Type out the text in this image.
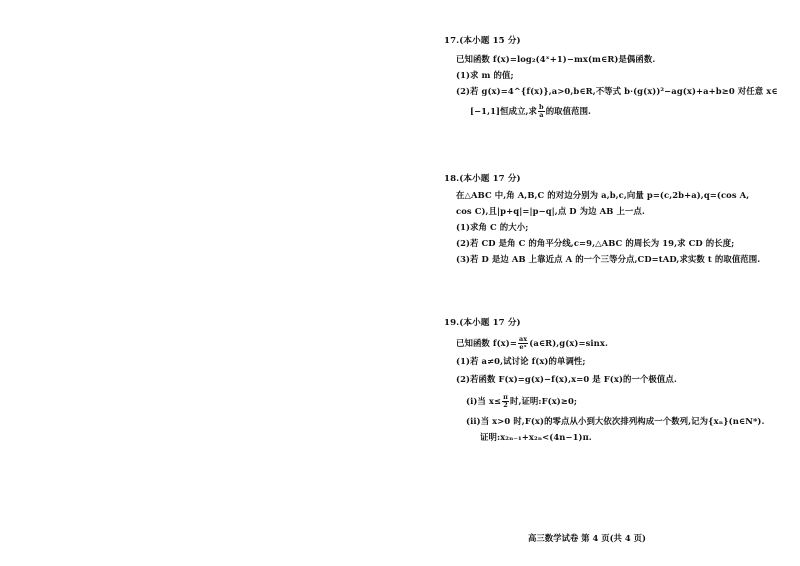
17.(本小题 15 分)
已知函数 f(x)=log₂(4ˣ+1)−mx(m∈R)是偶函数.
(1)求 m 的值;
(2)若 g(x)=4^{f(x)},a>0,b∈R,不等式 b·(g(x))²−ag(x)+a+b≥0 对任意 x∈
[−1,1]恒成立,求 $\frac{b}{a}$ 的取值范围.
18.(本小题 17 分)
在△ABC 中,角 A,B,C 的对边分别为 a,b,c,向量 p=(c,2b+a),q=(cos A,
cos C),且|p+q|=|p−q|,点 D 为边 AB 上一点.
(1)求角 C 的大小;
(2)若 CD 是角 C 的角平分线,c=9,△ABC 的周长为 19,求 CD 的长度;
(3)若 D 是边 AB 上靠近点 A 的一个三等分点,CD=tAD,求实数 t 的取值范围.
19.(本小题 17 分)
已知函数 $f(x)= \frac{ax}{\text{eˣ}}$ (a∈R),g(x)=sinx.
(1)若 a≠0,试讨论 f(x)的单调性;
(2)若函数 F(x)=g(x)−f(x),x=0 是 F(x)的一个极值点.
(i)当 $x\le \frac{\pi}{2}$ 时,证明:F(x)≥0;
(ii)当 x>0 时,F(x)的零点从小到大依次排列构成一个数列,记为{xₙ}(n∈N*).
证明:x₂ₙ₋₁+x₂ₙ<(4n−1)π.
高三数学试卷 第 4 页(共 4 页)
